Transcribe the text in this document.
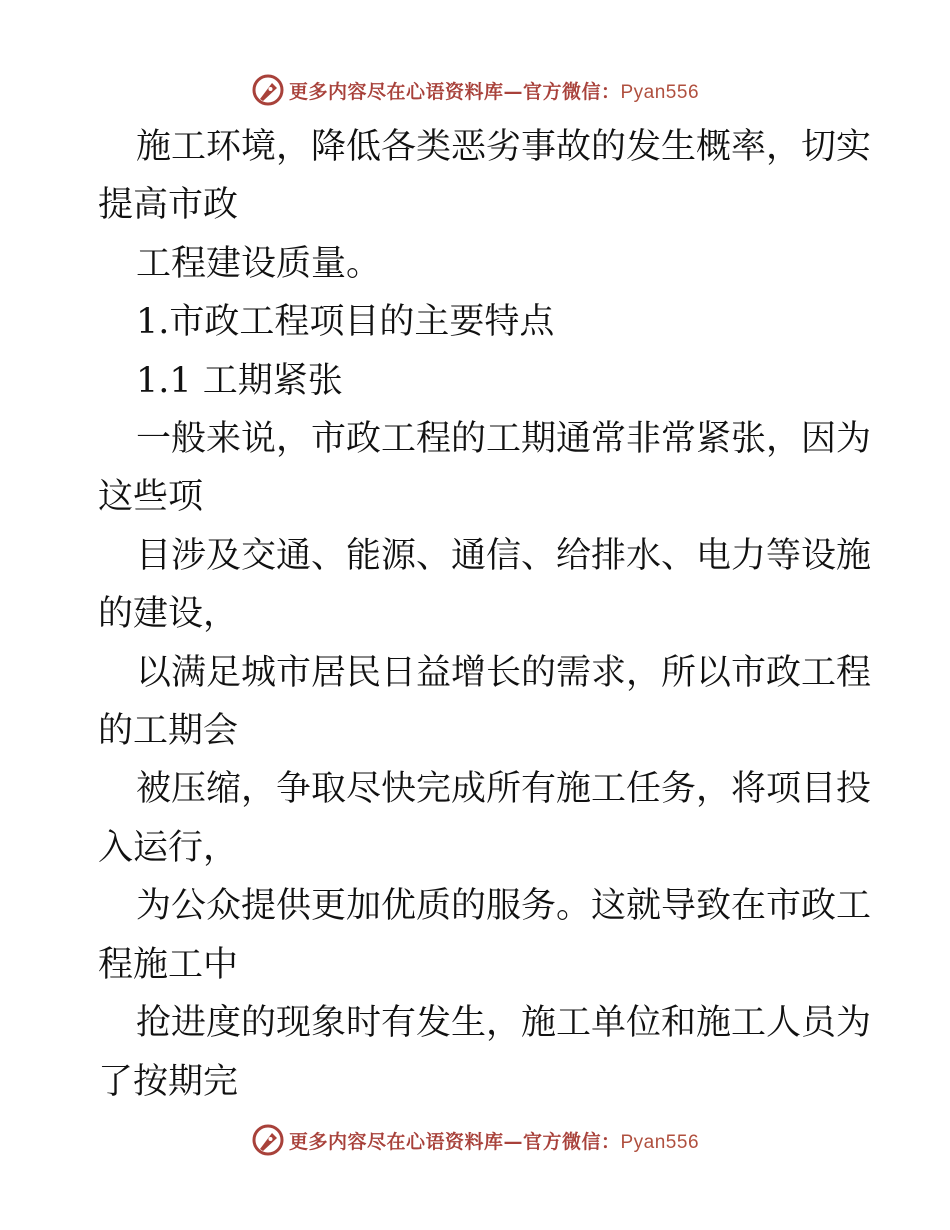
更多内容尽在心语资料库—官方微信：Pyan556

施工环境，降低各类恶劣事故的发生概率，切实

提高市政

工程建设质量。

1.市政工程项目的主要特点

1.1 工期紧张

一般来说，市政工程的工期通常非常紧张，因为

这些项

目涉及交通、能源、通信、给排水、电力等设施

的建设，

以满足城市居民日益增长的需求，所以市政工程

的工期会

被压缩，争取尽快完成所有施工任务，将项目投

入运行，

为公众提供更加优质的服务。这就导致在市政工

程施工中

抢进度的现象时有发生，施工单位和施工人员为

了按期完

更多内容尽在心语资料库—官方微信：Pyan556
